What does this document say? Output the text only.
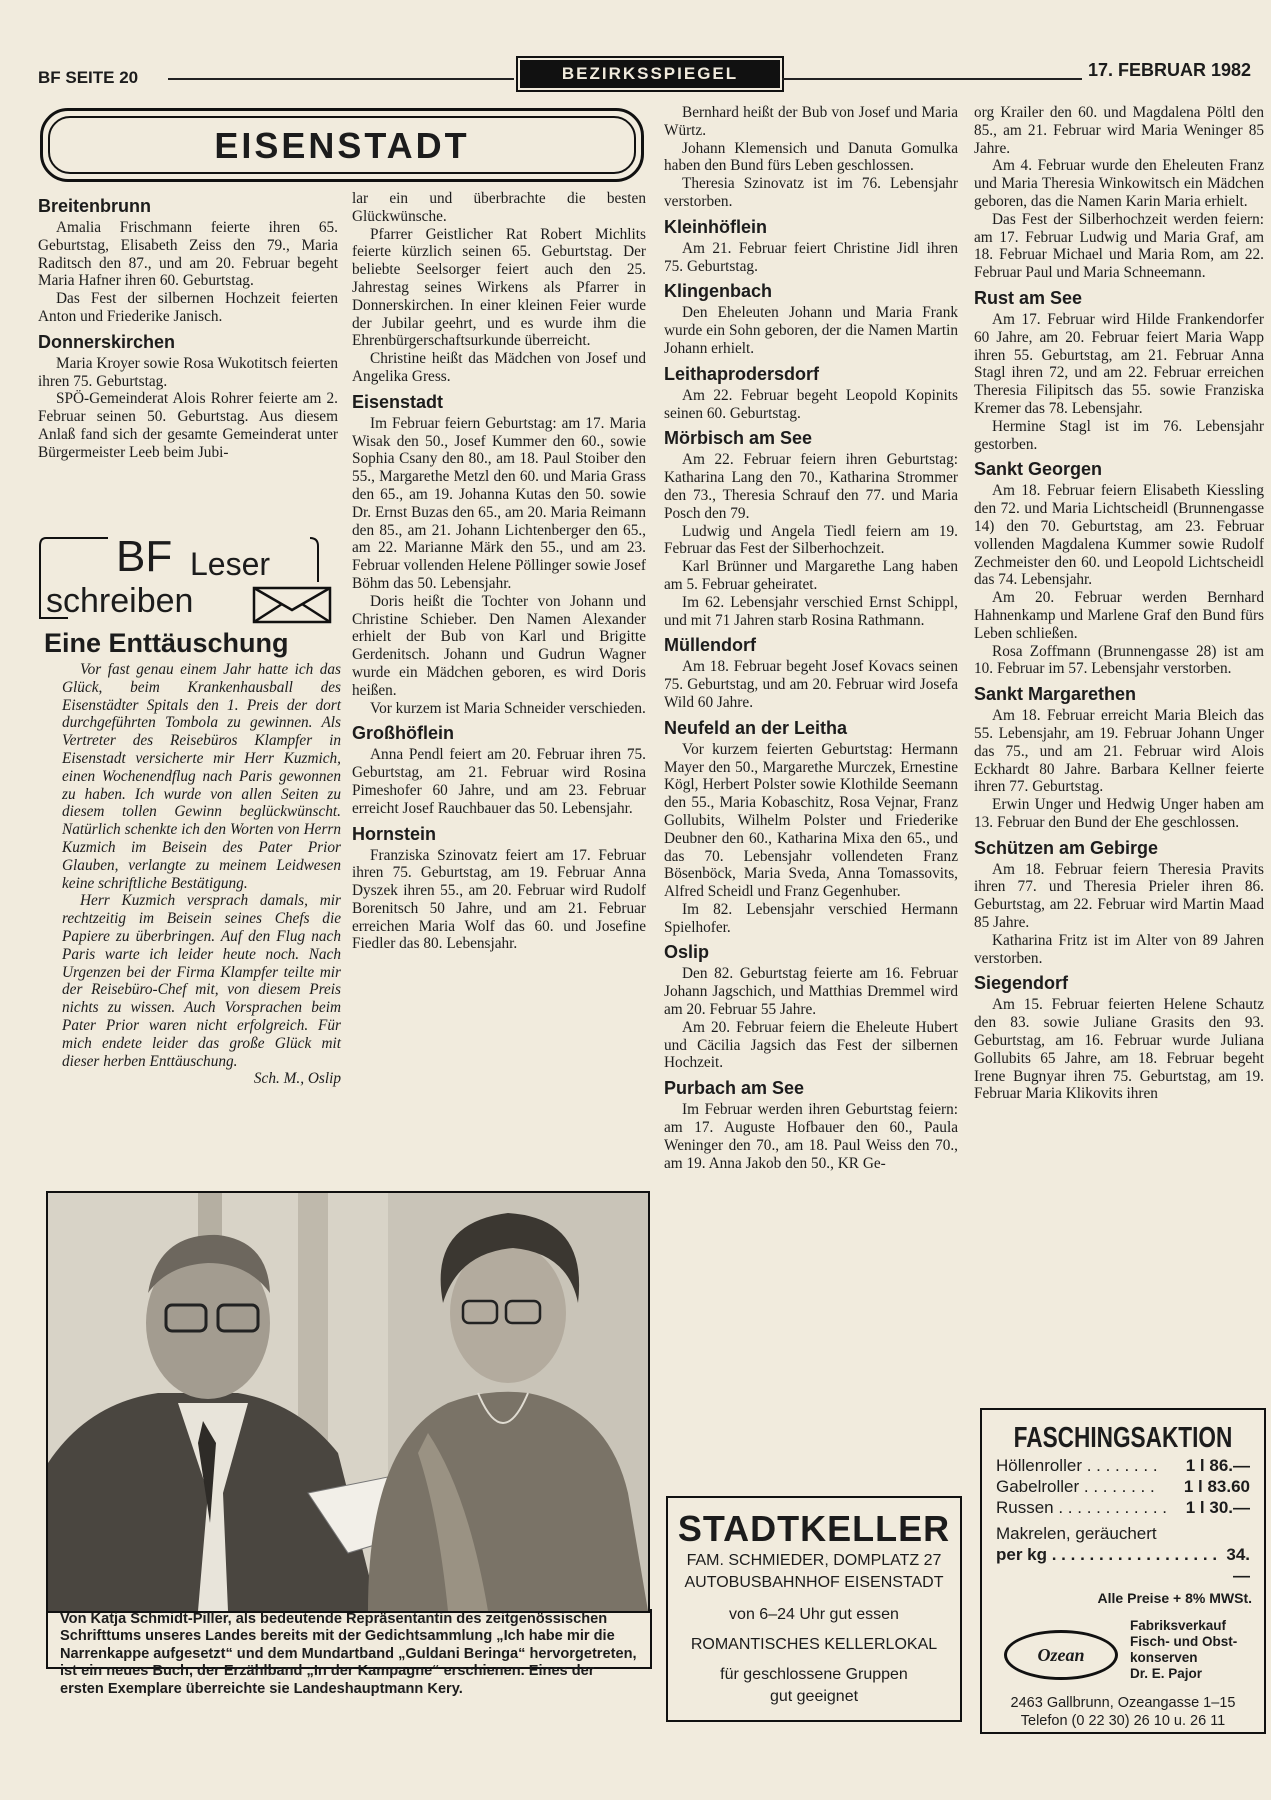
BF SEITE 20	BEZIRKSSPIEGEL	17. FEBRUAR 1982
EISENSTADT
Breitenbrunn

Amalia Frischmann feierte ihren 65. Geburtstag, Elisabeth Zeiss den 79., Maria Raditsch den 87., und am 20. Februar begeht Maria Hafner ihren 60. Geburtstag.

Das Fest der silbernen Hochzeit feierten Anton und Friederike Janisch.

Donnerskirchen

Maria Kroyer sowie Rosa Wukotitsch feierten ihren 75. Geburtstag.

SPÖ-Gemeinderat Alois Rohrer feierte am 2. Februar seinen 50. Geburtstag. Aus diesem Anlaß fand sich der gesamte Gemeinderat unter Bürgermeister Leeb beim Jubi-

BF Leser
schreiben
Eine Enttäuschung

Vor fast genau einem Jahr hatte ich das Glück, beim Krankenhausball des Eisenstädter Spitals den 1. Preis der dort durchgeführten Tombola zu gewinnen. Als Vertreter des Reisebüros Klampfer in Eisenstadt versicherte mir Herr Kuzmich, einen Wochenendflug nach Paris gewonnen zu haben. Ich wurde von allen Seiten zu diesem tollen Gewinn beglückwünscht. Natürlich schenkte ich den Worten von Herrn Kuzmich im Beisein des Pater Prior Glauben, verlangte zu meinem Leidwesen keine schriftliche Bestätigung.

Herr Kuzmich versprach damals, mir rechtzeitig im Beisein seines Chefs die Papiere zu überbringen. Auf den Flug nach Paris warte ich leider heute noch. Nach Urgenzen bei der Firma Klampfer teilte mir der Reisebüro-Chef mit, von diesem Preis nichts zu wissen. Auch Vorsprachen beim Pater Prior waren nicht erfolgreich. Für mich endete leider das große Glück mit dieser herben Enttäuschung.

Sch. M., Oslip

lar ein und überbrachte die besten Glückwünsche.

Pfarrer Geistlicher Rat Robert Michlits feierte kürzlich seinen 65. Geburtstag. Der beliebte Seelsorger feiert auch den 25. Jahrestag seines Wirkens als Pfarrer in Donnerskirchen. In einer kleinen Feier wurde der Jubilar geehrt, und es wurde ihm die Ehrenbürgerschaftsurkunde überreicht.

Christine heißt das Mädchen von Josef und Angelika Gress.

Eisenstadt

Im Februar feiern Geburtstag: am 17. Maria Wisak den 50., Josef Kummer den 60., sowie Sophia Csany den 80., am 18. Paul Stoiber den 55., Margarethe Metzl den 60. und Maria Grass den 65., am 19. Johanna Kutas den 50. sowie Dr. Ernst Buzas den 65., am 20. Maria Reimann den 85., am 21. Johann Lichtenberger den 65., am 22. Marianne Märk den 55., und am 23. Februar vollenden Helene Pöllinger sowie Josef Böhm das 50. Lebensjahr.

Doris heißt die Tochter von Johann und Christine Schieber. Den Namen Alexander erhielt der Bub von Karl und Brigitte Gerdenitsch. Johann und Gudrun Wagner wurde ein Mädchen geboren, es wird Doris heißen.

Vor kurzem ist Maria Schneider verschieden.

Großhöflein

Anna Pendl feiert am 20. Februar ihren 75. Geburtstag, am 21. Februar wird Rosina Pimeshofer 60 Jahre, und am 23. Februar erreicht Josef Rauchbauer das 50. Lebensjahr.

Hornstein

Franziska Szinovatz feiert am 17. Februar ihren 75. Geburtstag, am 19. Februar Anna Dyszek ihren 55., am 20. Februar wird Rudolf Borenitsch 50 Jahre, und am 21. Februar erreichen Maria Wolf das 60. und Josefine Fiedler das 80. Lebensjahr.

Von Katja Schmidt-Piller, als bedeutende Repräsentantin des zeitgenössischen Schrifttums unseres Landes bereits mit der Gedichtsammlung „Ich habe mir die Narrenkappe aufgesetzt“ und dem Mundartband „Guldani Beringa“ hervorgetreten, ist ein neues Buch, der Erzählband „In der Kampagne“ erschienen. Eines der ersten Exemplare überreichte sie Landeshauptmann Kery.

Bernhard heißt der Bub von Josef und Maria Würtz.

Johann Klemensich und Danuta Gomulka haben den Bund fürs Leben geschlossen.

Theresia Szinovatz ist im 76. Lebensjahr verstorben.

Kleinhöflein

Am 21. Februar feiert Christine Jidl ihren 75. Geburtstag.

Klingenbach

Den Eheleuten Johann und Maria Frank wurde ein Sohn geboren, der die Namen Martin Johann erhielt.

Leithaprodersdorf

Am 22. Februar begeht Leopold Kopinits seinen 60. Geburtstag.

Mörbisch am See

Am 22. Februar feiern ihren Geburtstag: Katharina Lang den 70., Katharina Strommer den 73., Theresia Schrauf den 77. und Maria Posch den 79.

Ludwig und Angela Tiedl feiern am 19. Februar das Fest der Silberhochzeit.

Karl Brünner und Margarethe Lang haben am 5. Februar geheiratet.

Im 62. Lebensjahr verschied Ernst Schippl, und mit 71 Jahren starb Rosina Rathmann.

Müllendorf

Am 18. Februar begeht Josef Kovacs seinen 75. Geburtstag, und am 20. Februar wird Josefa Wild 60 Jahre.

Neufeld an der Leitha

Vor kurzem feierten Geburtstag: Hermann Mayer den 50., Margarethe Murczek, Ernestine Kögl, Herbert Polster sowie Klothilde Seemann den 55., Maria Kobaschitz, Rosa Vejnar, Franz Gollubits, Wilhelm Polster und Friederike Deubner den 60., Katharina Mixa den 65., und das 70. Lebensjahr vollendeten Franz Bösenböck, Maria Sveda, Anna Tomassovits, Alfred Scheidl und Franz Gegenhuber.

Im 82. Lebensjahr verschied Hermann Spielhofer.

Oslip

Den 82. Geburtstag feierte am 16. Februar Johann Jagschich, und Matthias Dremmel wird am 20. Februar 55 Jahre.

Am 20. Februar feiern die Eheleute Hubert und Cäcilia Jagsich das Fest der silbernen Hochzeit.

Purbach am See

Im Februar werden ihren Geburtstag feiern: am 17. Auguste Hofbauer den 60., Paula Weninger den 70., am 18. Paul Weiss den 70., am 19. Anna Jakob den 50., KR Ge-

STADTKELLER
FAM. SCHMIEDER, DOMPLATZ 27
AUTOBUSBAHNHOF EISENSTADT
von 6–24 Uhr gut essen
ROMANTISCHES KELLERLOKAL
für geschlossene Gruppen
gut geeignet

org Krailer den 60. und Magdalena Pöltl den 85., am 21. Februar wird Maria Weninger 85 Jahre.

Am 4. Februar wurde den Eheleuten Franz und Maria Theresia Winkowitsch ein Mädchen geboren, das die Namen Karin Maria erhielt.

Das Fest der Silberhochzeit werden feiern: am 17. Februar Ludwig und Maria Graf, am 18. Februar Michael und Maria Rom, am 22. Februar Paul und Maria Schneemann.

Rust am See

Am 17. Februar wird Hilde Frankendorfer 60 Jahre, am 20. Februar feiert Maria Wapp ihren 55. Geburtstag, am 21. Februar Anna Stagl ihren 72, und am 22. Februar erreichen Theresia Filipitsch das 55. sowie Franziska Kremer das 78. Lebensjahr.

Hermine Stagl ist im 76. Lebensjahr gestorben.

Sankt Georgen

Am 18. Februar feiern Elisabeth Kiessling den 72. und Maria Lichtscheidl (Brunnengasse 14) den 70. Geburtstag, am 23. Februar vollenden Magdalena Kummer sowie Rudolf Zechmeister den 60. und Leopold Lichtscheidl das 74. Lebensjahr.

Am 20. Februar werden Bernhard Hahnenkamp und Marlene Graf den Bund fürs Leben schließen.

Rosa Zoffmann (Brunnengasse 28) ist am 10. Februar im 57. Lebensjahr verstorben.

Sankt Margarethen

Am 18. Februar erreicht Maria Bleich das 55. Lebensjahr, am 19. Februar Johann Unger das 75., und am 21. Februar wird Alois Eckhardt 80 Jahre. Barbara Kellner feierte ihren 77. Geburtstag.

Erwin Unger und Hedwig Unger haben am 13. Februar den Bund der Ehe geschlossen.

Schützen am Gebirge

Am 18. Februar feiern Theresia Pravits ihren 77. und Theresia Prieler ihren 86. Geburtstag, am 22. Februar wird Martin Maad 85 Jahre.

Katharina Fritz ist im Alter von 89 Jahren verstorben.

Siegendorf

Am 15. Februar feierten Helene Schautz den 83. sowie Juliane Grasits den 93. Geburtstag, am 16. Februar wurde Juliana Gollubits 65 Jahre, am 18. Februar begeht Irene Bugnyar ihren 75. Geburtstag, am 19. Februar Maria Klikovits ihren

FASCHINGSAKTION
Höllenroller . . . . . . . .	1 l 86.—
Gabelroller . . . . . . . .	1 l 83.60
Russen . . . . . . . . . . . .	1 l 30.—
Makrelen, geräuchert
per kg . . . . . . . . . . . . . . . . . . 34.—
Alle Preise + 8% MWSt.
Ozean
Fabriksverkauf
Fisch- und Obst-
konserven
Dr. E. Pajor
2463 Gallbrunn, Ozeangasse 1–15
Telefon (0 22 30) 26 10 u. 26 11
